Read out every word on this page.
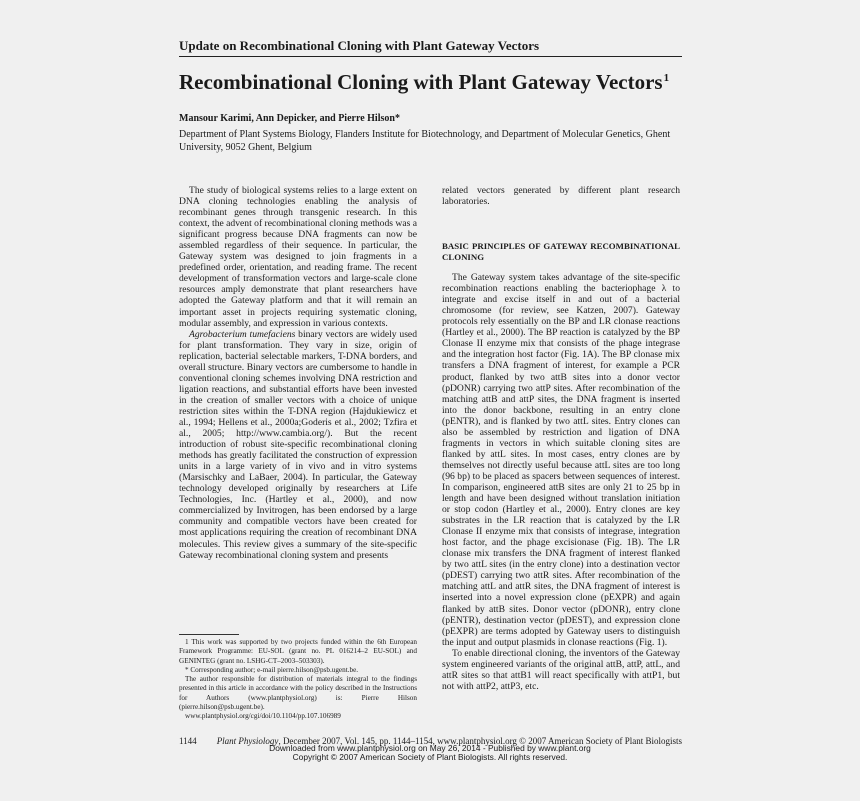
Update on Recombinational Cloning with Plant Gateway Vectors
Recombinational Cloning with Plant Gateway Vectors$^1$
Mansour Karimi, Ann Depicker, and Pierre Hilson*
Department of Plant Systems Biology, Flanders Institute for Biotechnology, and Department of Molecular Genetics, Ghent University, 9052 Ghent, Belgium

The study of biological systems relies to a large extent on DNA cloning technologies enabling the analysis of recombinant genes through transgenic research. In this context, the advent of recombinational cloning methods was a significant progress because DNA fragments can now be assembled regardless of their sequence. In particular, the Gateway system was designed to join fragments in a predefined order, orientation, and reading frame. The recent development of transformation vectors and large-scale clone resources amply demonstrate that plant researchers have adopted the Gateway platform and that it will remain an important asset in projects requiring systematic cloning, modular assembly, and expression in various contexts.

Agrobacterium tumefaciens binary vectors are widely used for plant transformation. They vary in size, origin of replication, bacterial selectable markers, T-DNA borders, and overall structure. Binary vectors are cumbersome to handle in conventional cloning schemes involving DNA restriction and ligation reactions, and substantial efforts have been invested in the creation of smaller vectors with a choice of unique restriction sites within the T-DNA region (Hajdukiewicz et al., 1994; Hellens et al., 2000a;Goderis et al., 2002; Tzfira et al., 2005; http://www.cambia.org/). But the recent introduction of robust site-specific recombinational cloning methods has greatly facilitated the construction of expression units in a large variety of in vivo and in vitro systems (Marsischky and LaBaer, 2004). In particular, the Gateway technology developed originally by researchers at Life Technologies, Inc. (Hartley et al., 2000), and now commercialized by Invitrogen, has been endorsed by a large community and compatible vectors have been created for most applications requiring the creation of recombinant DNA molecules. This review gives a summary of the site-specific Gateway recombinational cloning system and presents

1 This work was supported by two projects funded within the 6th European Framework Programme: EU-SOL (grant no. PL 016214–2 EU-SOL) and GENINTEG (grant no. LSHG-CT–2003–503303).

* Corresponding author; e-mail pierre.hilson@psb.ugent.be.

The author responsible for distribution of materials integral to the findings presented in this article in accordance with the policy described in the Instructions for Authors (www.plantphysiol.org) is: Pierre Hilson (pierre.hilson@psb.ugent.be).

www.plantphysiol.org/cgi/doi/10.1104/pp.107.106989

related vectors generated by different plant research laboratories.

BASIC PRINCIPLES OF GATEWAY RECOMBINATIONAL CLONING

The Gateway system takes advantage of the site-specific recombination reactions enabling the bacteriophage λ to integrate and excise itself in and out of a bacterial chromosome (for review, see Katzen, 2007). Gateway protocols rely essentially on the BP and LR clonase reactions (Hartley et al., 2000). The BP reaction is catalyzed by the BP Clonase II enzyme mix that consists of the phage integrase and the integration host factor (Fig. 1A). The BP clonase mix transfers a DNA fragment of interest, for example a PCR product, flanked by two attB sites into a donor vector (pDONR) carrying two attP sites. After recombination of the matching attB and attP sites, the DNA fragment is inserted into the donor backbone, resulting in an entry clone (pENTR), and is flanked by two attL sites. Entry clones can also be assembled by restriction and ligation of DNA fragments in vectors in which suitable cloning sites are flanked by attL sites. In most cases, entry clones are by themselves not directly useful because attL sites are too long (96 bp) to be placed as spacers between sequences of interest. In comparison, engineered attB sites are only 21 to 25 bp in length and have been designed without translation initiation or stop codon (Hartley et al., 2000). Entry clones are key substrates in the LR reaction that is catalyzed by the LR Clonase II enzyme mix that consists of integrase, integration host factor, and the phage excisionase (Fig. 1B). The LR clonase mix transfers the DNA fragment of interest flanked by two attL sites (in the entry clone) into a destination vector (pDEST) carrying two attR sites. After recombination of the matching attL and attR sites, the DNA fragment of interest is inserted into a novel expression clone (pEXPR) and again flanked by attB sites. Donor vector (pDONR), entry clone (pENTR), destination vector (pDEST), and expression clone (pEXPR) are terms adopted by Gateway users to distinguish the input and output plasmids in clonase reactions (Fig. 1).

To enable directional cloning, the inventors of the Gateway system engineered variants of the original attB, attP, attL, and attR sites so that attB1 will react specifically with attP1, but not with attP2, attP3, etc.

1144 Plant Physiology, December 2007, Vol. 145, pp. 1144–1154, www.plantphysiol.org © 2007 American Society of Plant Biologists
Downloaded from www.plantphysiol.org on May 26, 2014 - Published by www.plant.org
Copyright © 2007 American Society of Plant Biologists. All rights reserved.
